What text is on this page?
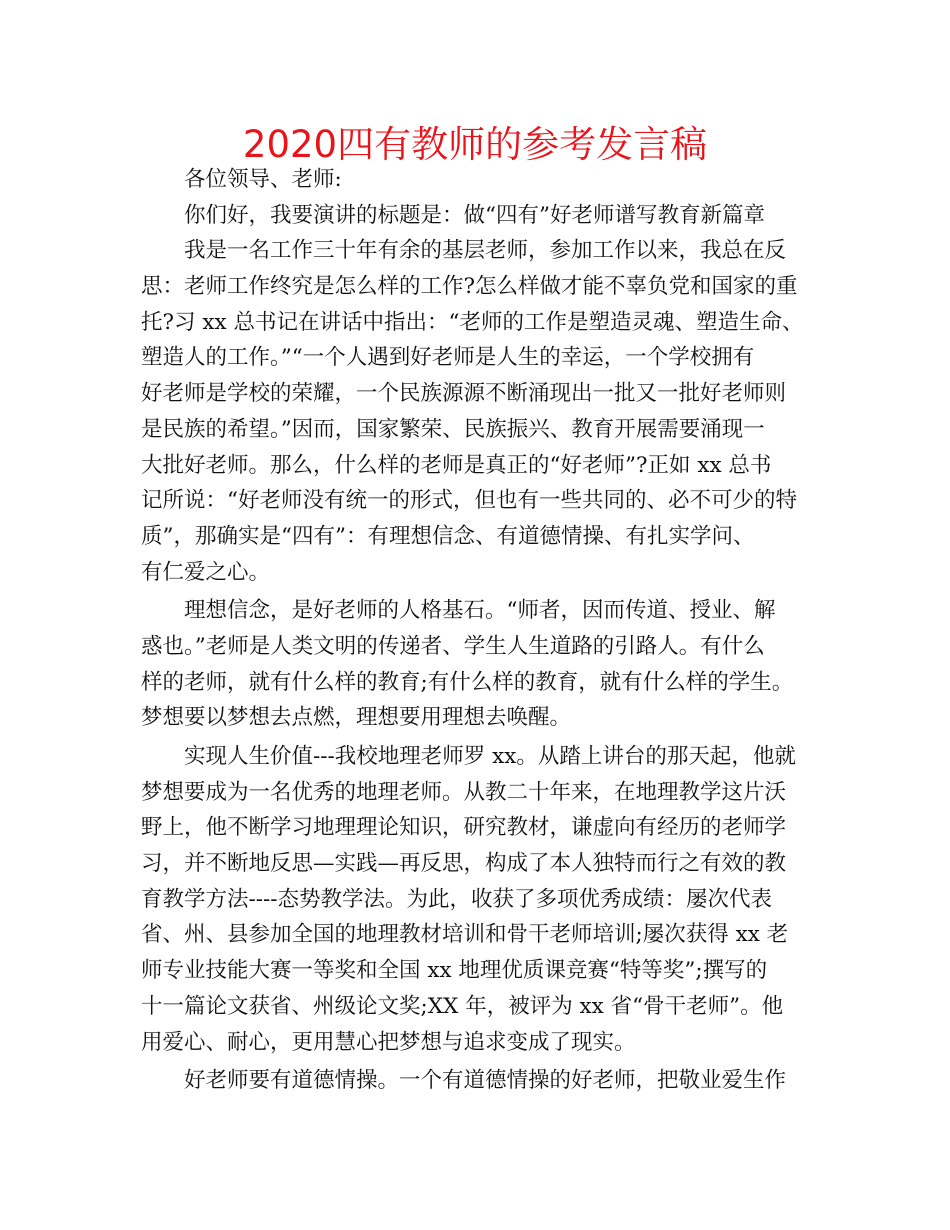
2020四有教师的参考发言稿
各位领导、老师:
你们好，我要演讲的标题是：做“四有”好老师谱写教育新篇章
我是一名工作三十年有余的基层老师，参加工作以来，我总在反
思：老师工作终究是怎么样的工作?怎么样做才能不辜负党和国家的重
托?习 xx 总书记在讲话中指出：“老师的工作是塑造灵魂、塑造生命、
塑造人的工作。”“一个人遇到好老师是人生的幸运，一个学校拥有
好老师是学校的荣耀，一个民族源源不断涌现出一批又一批好老师则
是民族的希望。”因而，国家繁荣、民族振兴、教育开展需要涌现一
大批好老师。那么，什么样的老师是真正的“好老师”?正如 xx 总书
记所说：“好老师没有统一的形式，但也有一些共同的、必不可少的特
质”，那确实是“四有”：有理想信念、有道德情操、有扎实学问、
有仁爱之心。
理想信念，是好老师的人格基石。“师者，因而传道、授业、解
惑也。”老师是人类文明的传递者、学生人生道路的引路人。有什么
样的老师，就有什么样的教育;有什么样的教育，就有什么样的学生。
梦想要以梦想去点燃，理想要用理想去唤醒。
实现人生价值---我校地理老师罗 xx。从踏上讲台的那天起，他就
梦想要成为一名优秀的地理老师。从教二十年来，在地理教学这片沃
野上，他不断学习地理理论知识，研究教材，谦虚向有经历的老师学
习，并不断地反思—实践—再反思，构成了本人独特而行之有效的教
育教学方法----态势教学法。为此，收获了多项优秀成绩：屡次代表
省、州、县参加全国的地理教材培训和骨干老师培训;屡次获得 xx 老
师专业技能大赛一等奖和全国 xx 地理优质课竞赛“特等奖”;撰写的
十一篇论文获省、州级论文奖;XX 年，被评为 xx 省“骨干老师”。他
用爱心、耐心，更用慧心把梦想与追求变成了现实。
好老师要有道德情操。一个有道德情操的好老师，把敬业爱生作
